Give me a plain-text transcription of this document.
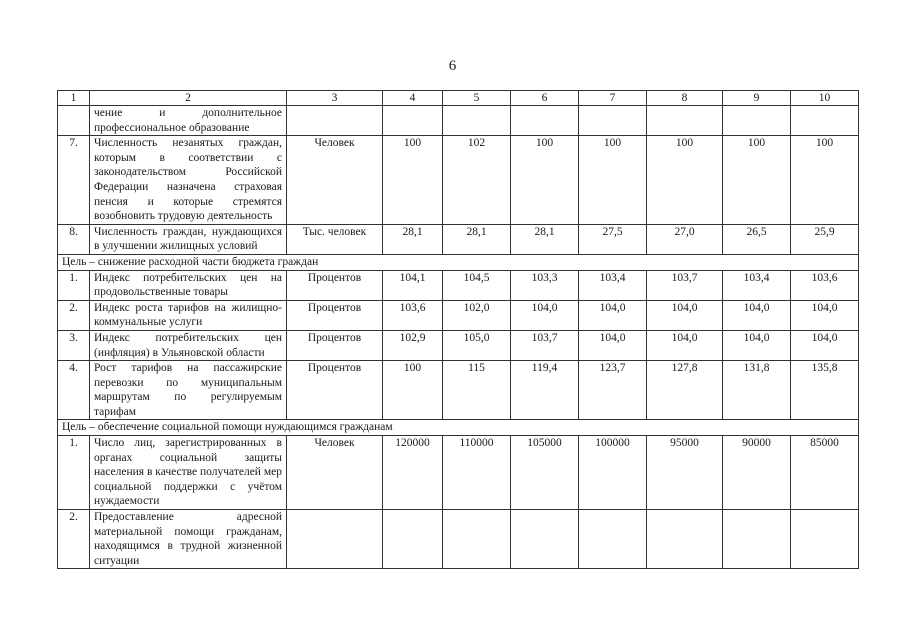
6
1	2	3	4	5	6	7	8	9	10
	чение и дополнительное профессиональное образование								
7.	Численность незанятых граждан, которым в соответствии с законодательством Российской Федерации назначена страховая пенсия и которые стремятся возобновить трудовую деятельность	Человек	100	102	100	100	100	100	100
8.	Численность граждан, нуждающихся в улучшении жилищных условий	Тыс. человек	28,1	28,1	28,1	27,5	27,0	26,5	25,9
Цель – снижение расходной части бюджета граждан									
1.	Индекс потребительских цен на продовольственные товары	Процентов	104,1	104,5	103,3	103,4	103,7	103,4	103,6
2.	Индекс роста тарифов на жилищно-коммунальные услуги	Процентов	103,6	102,0	104,0	104,0	104,0	104,0	104,0
3.	Индекс потребительских цен (инфляция) в Ульяновской области	Процентов	102,9	105,0	103,7	104,0	104,0	104,0	104,0
4.	Рост тарифов на пассажирские перевозки по муниципальным маршрутам по регулируемым тарифам	Процентов	100	115	119,4	123,7	127,8	131,8	135,8
Цель – обеспечение социальной помощи нуждающимся гражданам									
1.	Число лиц, зарегистрированных в органах социальной защиты населения в качестве получателей мер социальной поддержки с учётом нуждаемости	Человек	120000	110000	105000	100000	95000	90000	85000
2.	Предоставление адресной материальной помощи гражданам, находящимся в трудной жизненной ситуации								
